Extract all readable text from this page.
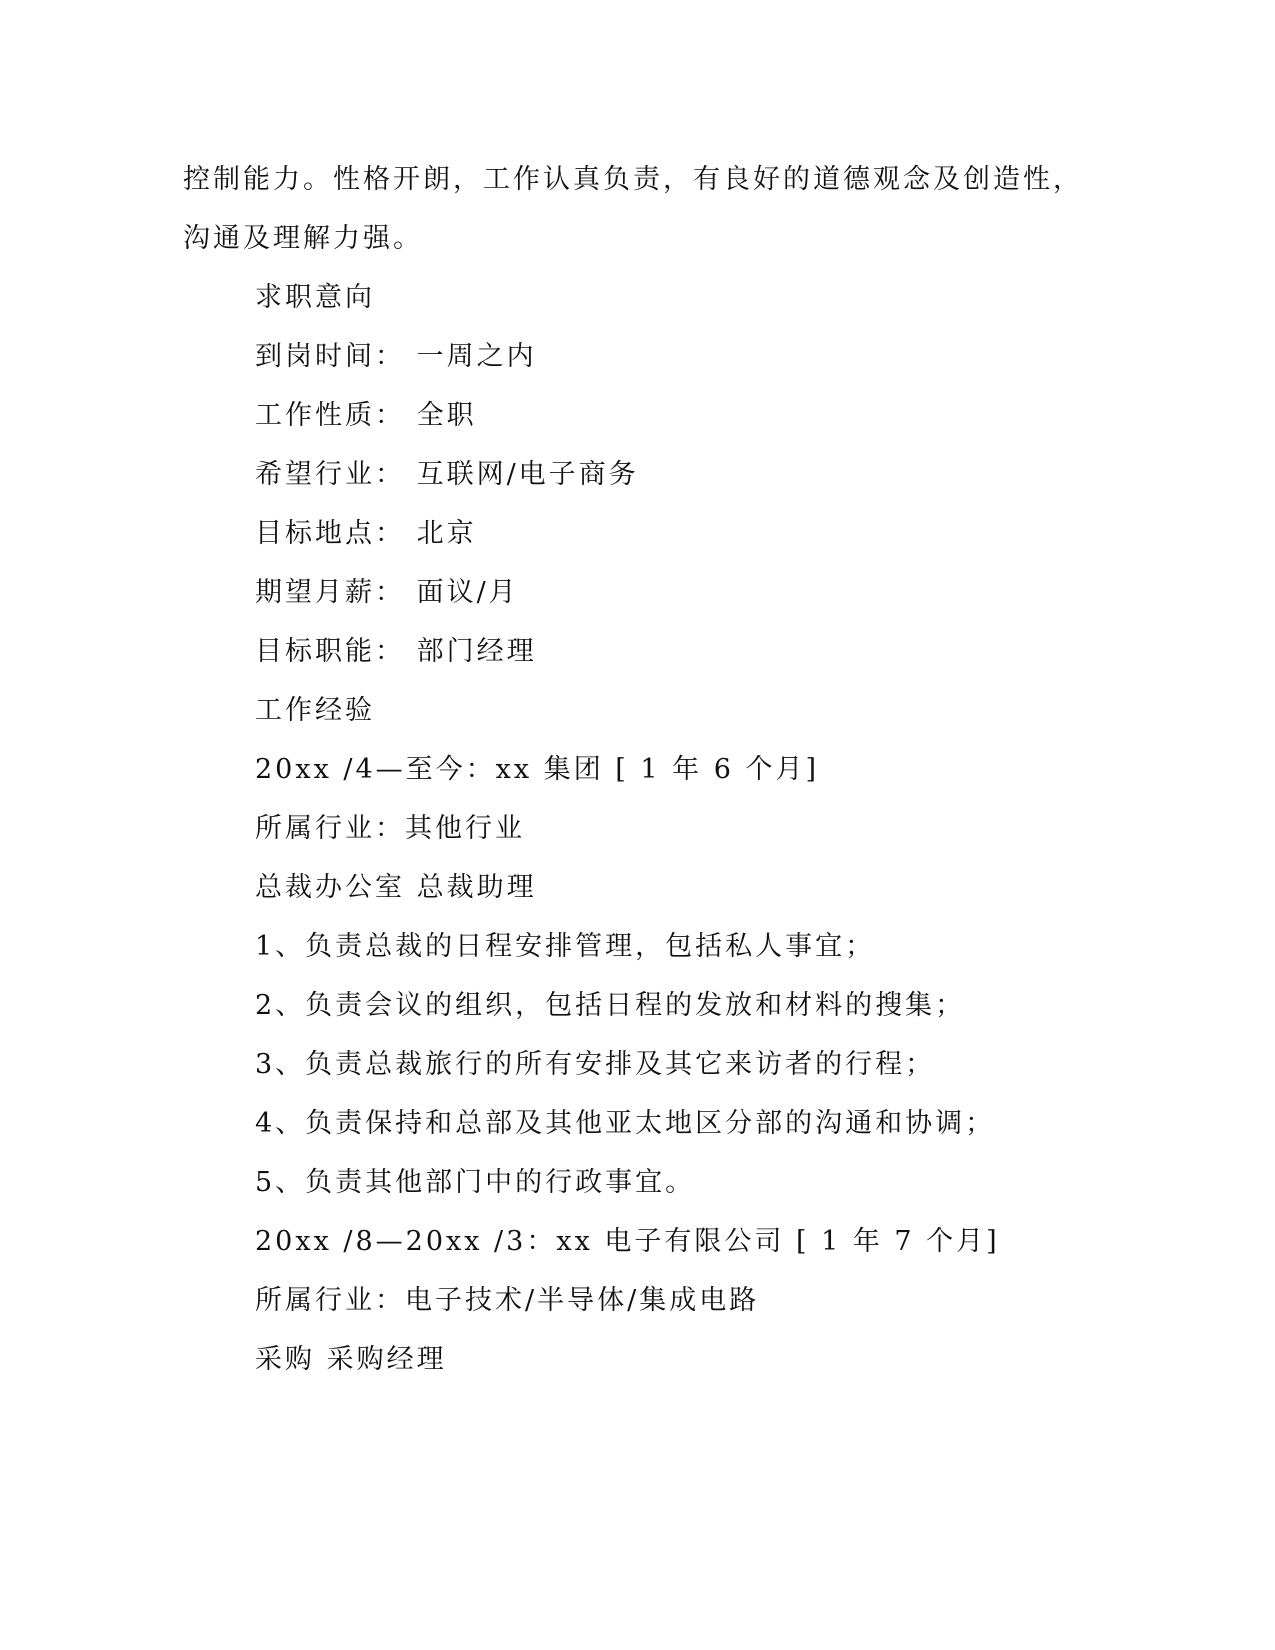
控制能力。性格开朗，工作认真负责，有良好的道德观念及创造性，
沟通及理解力强。
求职意向
到岗时间： 一周之内
工作性质： 全职
希望行业： 互联网/电子商务
目标地点： 北京
期望月薪： 面议/月
目标职能： 部门经理
工作经验
20xx /4—至今：xx 集团 [ 1 年 6 个月]
所属行业：其他行业
总裁办公室 总裁助理
1、负责总裁的日程安排管理，包括私人事宜；
2、负责会议的组织，包括日程的发放和材料的搜集；
3、负责总裁旅行的所有安排及其它来访者的行程；
4、负责保持和总部及其他亚太地区分部的沟通和协调；
5、负责其他部门中的行政事宜。
20xx /8—20xx /3：xx 电子有限公司 [ 1 年 7 个月]
所属行业：电子技术/半导体/集成电路
采购 采购经理
